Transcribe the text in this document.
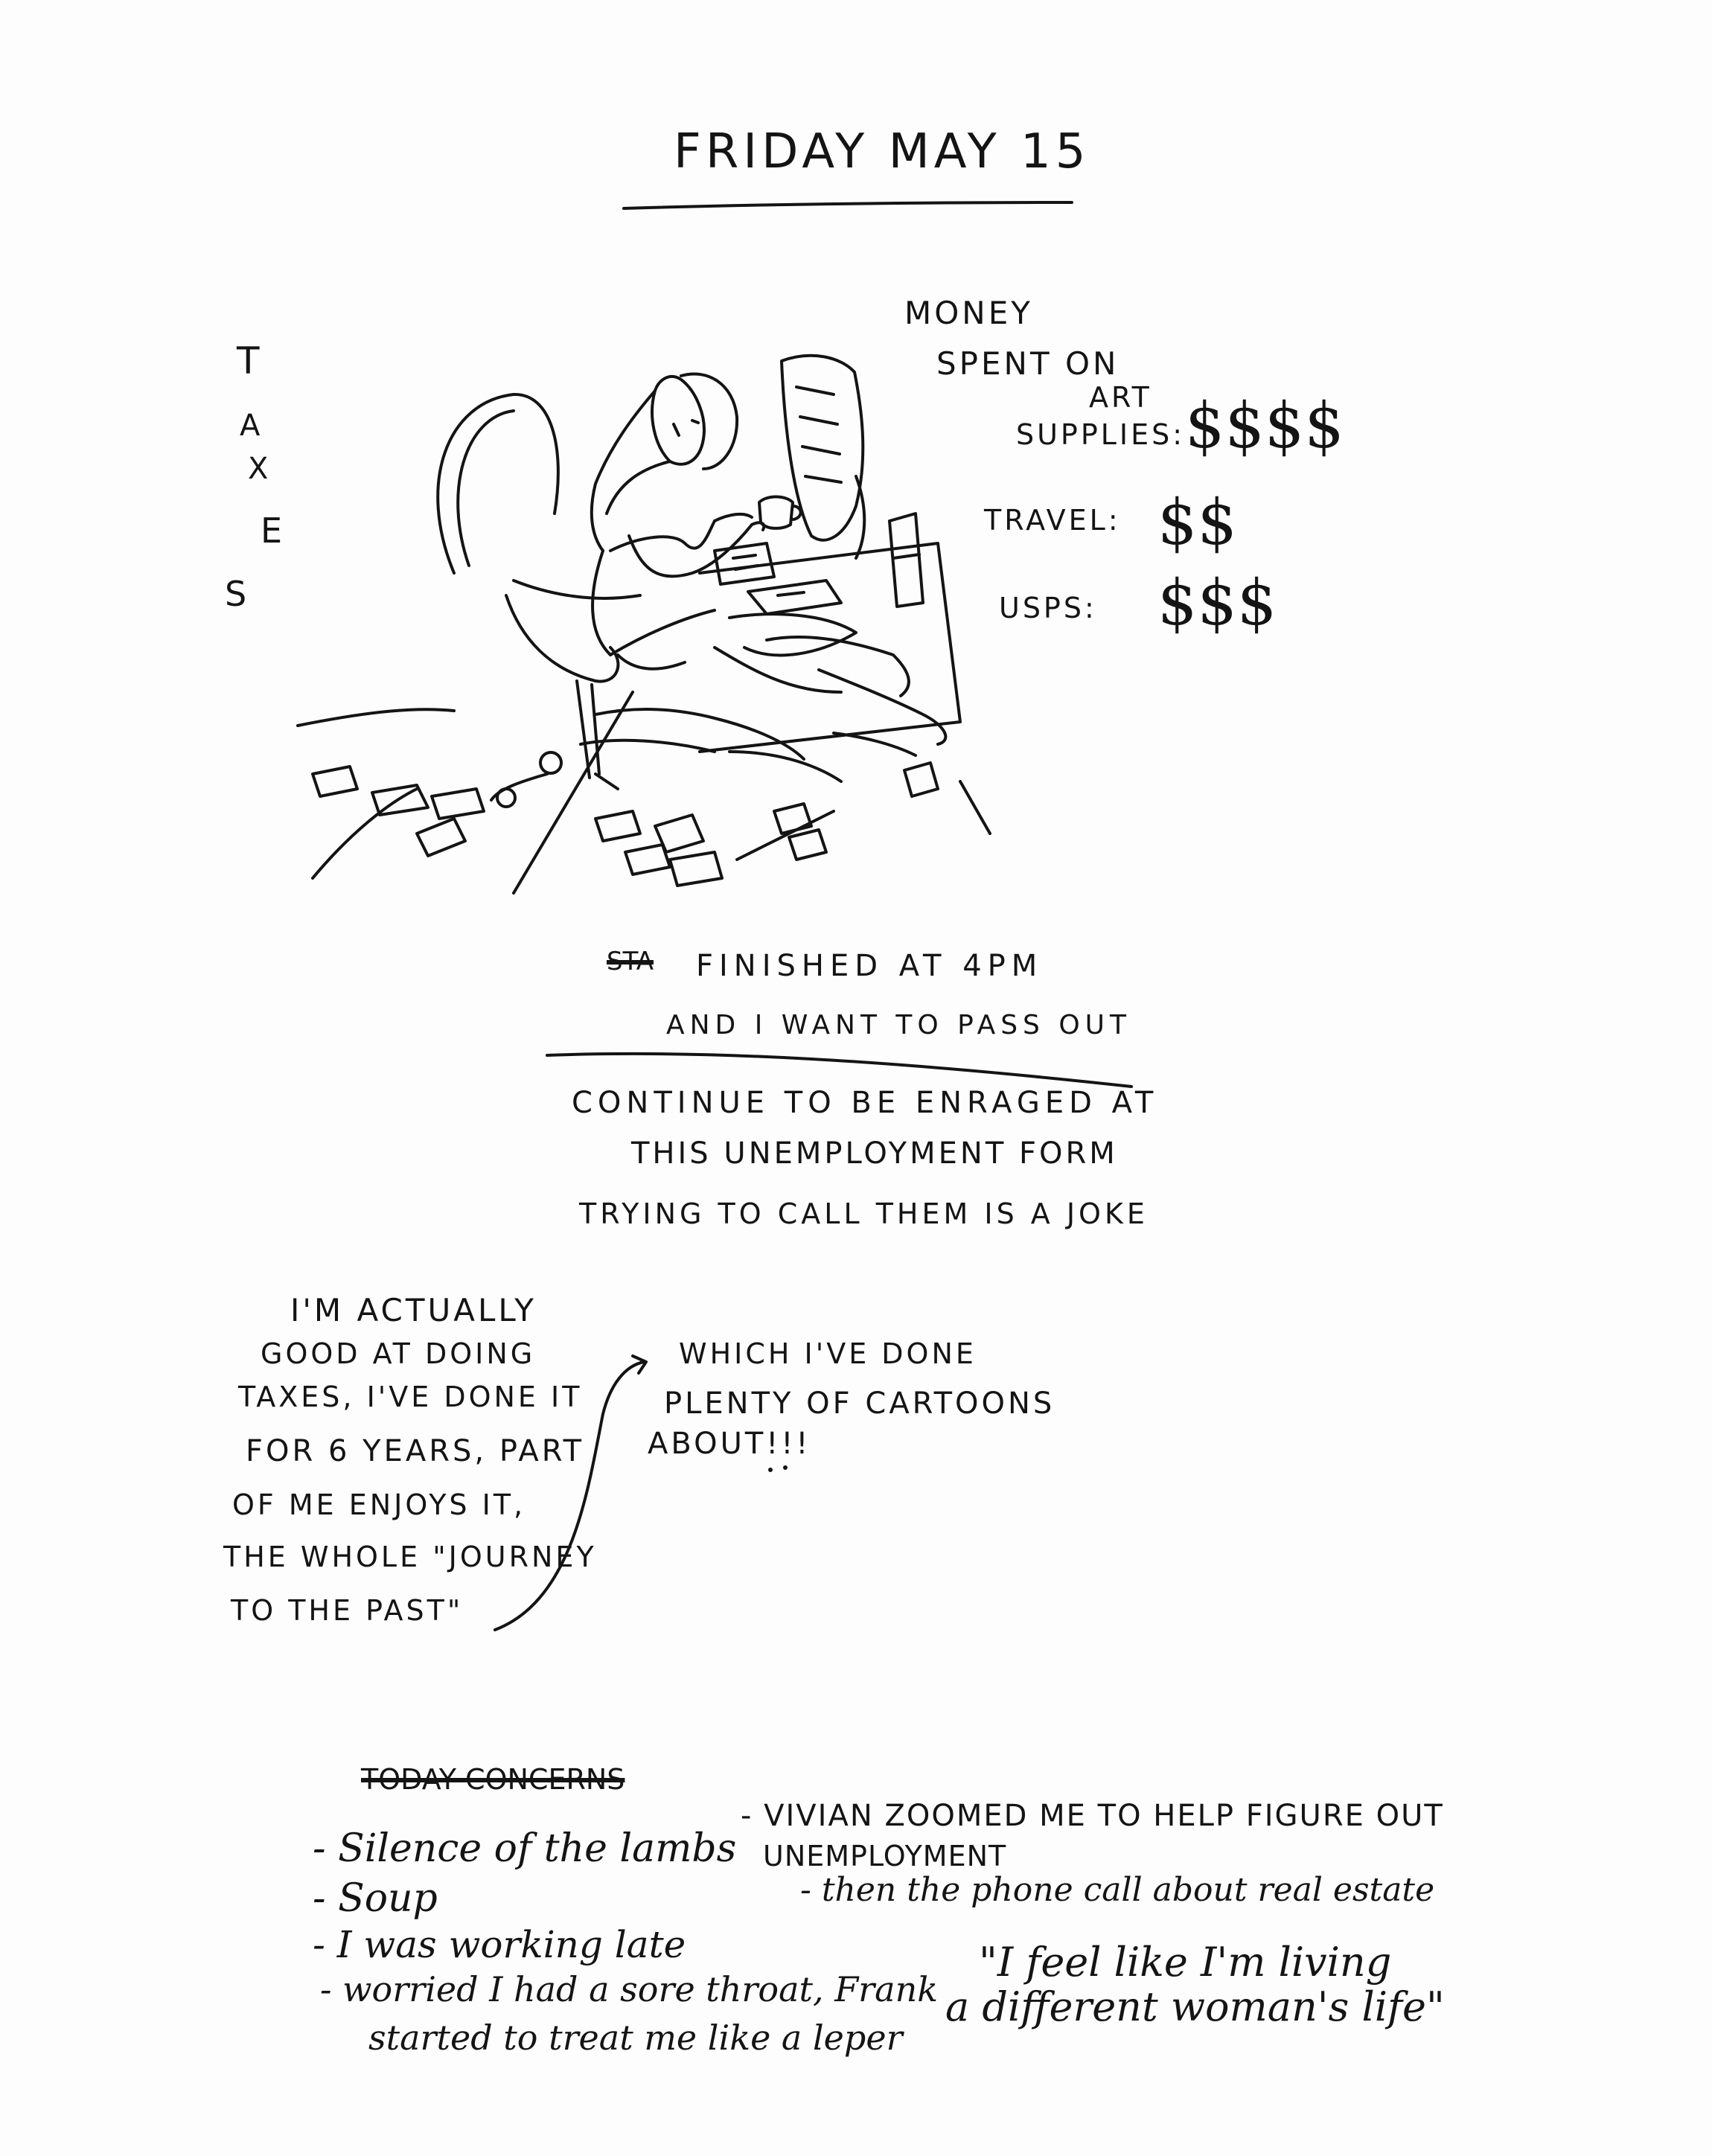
FRIDAY MAY 15
T
A
X
E
S
MONEY
SPENT ON
ART
SUPPLIES: $$$$
TRAVEL: $$
USPS: $$$
STA FINISHED AT 4PM
AND I WANT TO PASS OUT
CONTINUE TO BE ENRAGED AT
THIS UNEMPLOYMENT FORM
TRYING TO CALL THEM IS A JOKE
I'M ACTUALLY
GOOD AT DOING
TAXES, I'VE DONE IT
FOR 6 YEARS, PART
OF ME ENJOYS IT,
THE WHOLE "JOURNEY
TO THE PAST"
WHICH I'VE DONE
PLENTY OF CARTOONS
ABOUT!!!
TODAY CONCERNS
- Silence of the lambs
- Soup
- I was working late
- worried I had a sore throat, Frank
started to treat me like a leper
- VIVIAN ZOOMED ME TO HELP FIGURE OUT
UNEMPLOYMENT
- then the phone call about real estate
"I feel like I'm living
a different woman's life"
